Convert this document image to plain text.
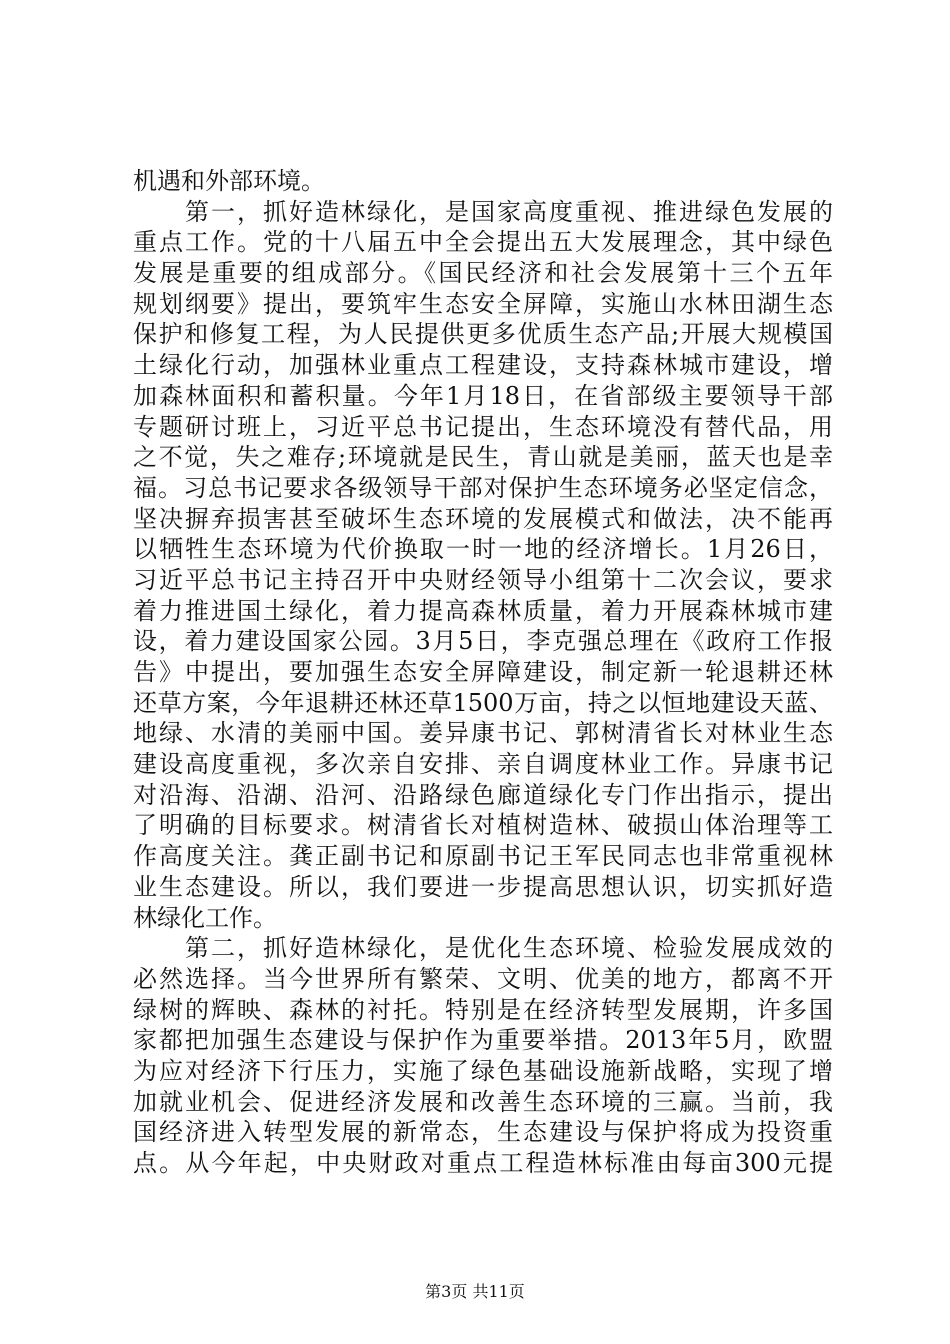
机遇和外部环境。
　　第一，抓好造林绿化，是国家高度重视、推进绿色发展的
重点工作。党的十八届五中全会提出五大发展理念，其中绿色
发展是重要的组成部分。《国民经济和社会发展第十三个五年
规划纲要》提出，要筑牢生态安全屏障，实施山水林田湖生态
保护和修复工程，为人民提供更多优质生态产品;开展大规模国
土绿化行动，加强林业重点工程建设，支持森林城市建设，增
加森林面积和蓄积量。今年1月18日，在省部级主要领导干部
专题研讨班上，习近平总书记提出，生态环境没有替代品，用
之不觉，失之难存;环境就是民生，青山就是美丽，蓝天也是幸
福。习总书记要求各级领导干部对保护生态环境务必坚定信念，
坚决摒弃损害甚至破坏生态环境的发展模式和做法，决不能再
以牺牲生态环境为代价换取一时一地的经济增长。1月26日，
习近平总书记主持召开中央财经领导小组第十二次会议，要求
着力推进国土绿化，着力提高森林质量，着力开展森林城市建
设，着力建设国家公园。3月5日，李克强总理在《政府工作报
告》中提出，要加强生态安全屏障建设，制定新一轮退耕还林
还草方案，今年退耕还林还草1500万亩，持之以恒地建设天蓝、
地绿、水清的美丽中国。姜异康书记、郭树清省长对林业生态
建设高度重视，多次亲自安排、亲自调度林业工作。异康书记
对沿海、沿湖、沿河、沿路绿色廊道绿化专门作出指示，提出
了明确的目标要求。树清省长对植树造林、破损山体治理等工
作高度关注。龚正副书记和原副书记王军民同志也非常重视林
业生态建设。所以，我们要进一步提高思想认识，切实抓好造
林绿化工作。
　　第二，抓好造林绿化，是优化生态环境、检验发展成效的
必然选择。当今世界所有繁荣、文明、优美的地方，都离不开
绿树的辉映、森林的衬托。特别是在经济转型发展期，许多国
家都把加强生态建设与保护作为重要举措。2013年5月，欧盟
为应对经济下行压力，实施了绿色基础设施新战略，实现了增
加就业机会、促进经济发展和改善生态环境的三赢。当前，我
国经济进入转型发展的新常态，生态建设与保护将成为投资重
点。从今年起，中央财政对重点工程造林标准由每亩300元提
第3页 共11页
